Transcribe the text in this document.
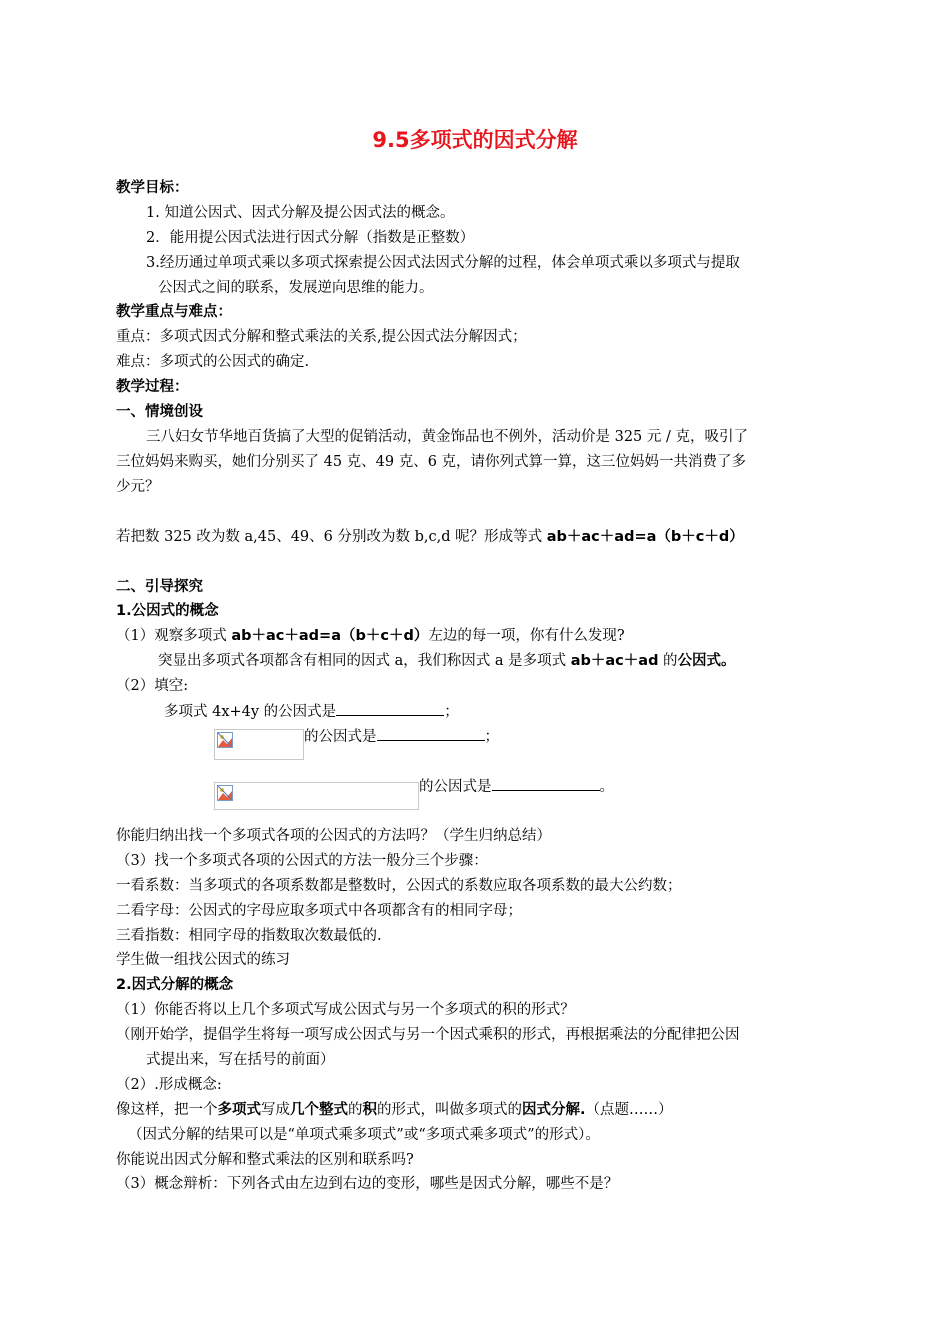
9.5多项式的因式分解
教学目标：
1. 知道公因式、因式分解及提公因式法的概念。
2．能用提公因式法进行因式分解（指数是正整数）
3.经历通过单项式乘以多项式探索提公因式法因式分解的过程，体会单项式乘以多项式与提取
公因式之间的联系，发展逆向思维的能力。
教学重点与难点：
重点：多项式因式分解和整式乘法的关系,提公因式法分解因式；
难点：多项式的公因式的确定.
教学过程：
一、情境创设
三八妇女节华地百货搞了大型的促销活动，黄金饰品也不例外，活动价是 325 元 / 克，吸引了
三位妈妈来购买，她们分别买了 45 克、49 克、6 克，请你列式算一算，这三位妈妈一共消费了多
少元？
若把数 325 改为数 a,45、49、6 分别改为数 b,c,d 呢？形成等式 ab＋ac＋ad=a（b＋c＋d）
二、引导探究
1.公因式的概念
（1）观察多项式 ab＋ac＋ad=a（b＋c＋d）左边的每一项，你有什么发现?
突显出多项式各项都含有相同的因式 a，我们称因式 a 是多项式 ab＋ac＋ad 的公因式。
（2）填空:
多项式 4x+4y 的公因式是	；
的公因式是	；
的公因式是	。
你能归纳出找一个多项式各项的公因式的方法吗？（学生归纳总结）
（3）找一个多项式各项的公因式的方法一般分三个步骤：
一看系数：当多项式的各项系数都是整数时，公因式的系数应取各项系数的最大公约数；
二看字母：公因式的字母应取多项式中各项都含有的相同字母；
三看指数：相同字母的指数取次数最低的.
学生做一组找公因式的练习
2.因式分解的概念
（1）你能否将以上几个多项式写成公因式与另一个多项式的积的形式？
（刚开始学，提倡学生将每一项写成公因式与另一个因式乘积的形式，再根据乘法的分配律把公因
式提出来，写在括号的前面）
（2）.形成概念:
像这样，把一个多项式写成几个整式的积的形式，叫做多项式的因式分解.（点题……）
（因式分解的结果可以是“单项式乘多项式”或“多项式乘多项式”的形式）。
你能说出因式分解和整式乘法的区别和联系吗?
（3）概念辩析：下列各式由左边到右边的变形，哪些是因式分解，哪些不是？
